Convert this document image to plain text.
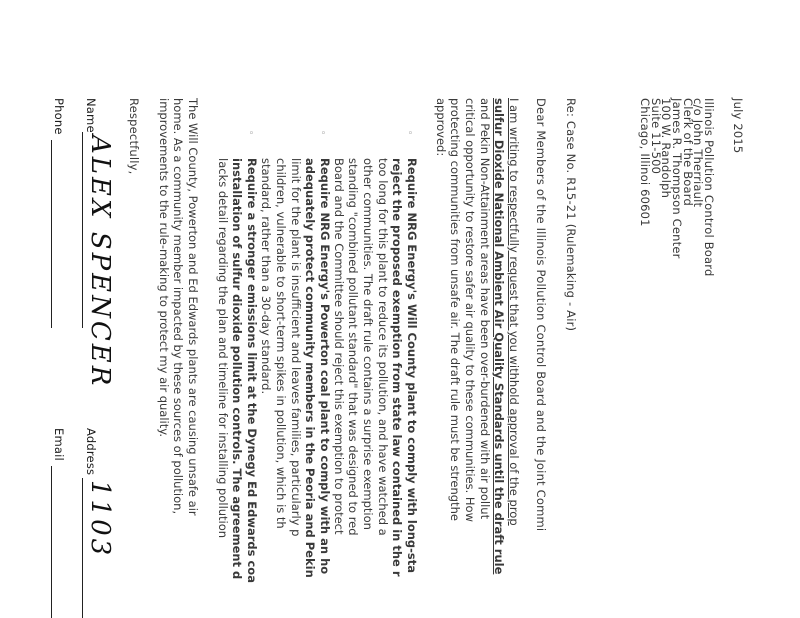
July 2015
Illinois Pollution Control Board
c/o John Therriault
Clerk of the Board
James R. Thompson Center
100 W. Randolph
Suite 11-500
Chicago, Illinoi 60601
Re: Case No. R15-21 (Rulemaking - Air)
Dear Members of the Illinois Pollution Control Board and the Joint Commi
I am writing to respectfully request that you withhold approval of the prop
sulfur Dioxide National Ambient Air Quality Standards until the draft rule
and Pekin Non-Attainment areas have been over-burdened with air pollut
critical opportunity to restore safer air quality to these communities. How
protecting communities from unsafe air. The draft rule must be strengthe
approved:
◦
Require NRG Energy's Will County plant to comply with long-sta
reject the proposed exemption from state law contained in the r
too long for this plant to reduce its pollution, and have watched a
other communities. The draft rule contains a surprise exemption
standing "combined pollutant standard" that was designed to red
Board and the Committee should reject this exemption to protect
◦
Require NRG Energy's Powerton coal plant to comply with an ho
adequately protect community members in the Peoria and Pekin
limit for the plant is insufficient and leaves families, particularly p
children, vulnerable to short-term spikes in pollution, which is th
standard, rather than a 30-day standard.
◦
Require a stronger emissions limit at the Dynegy Ed Edwards coa
installation of sulfur dioxide pollution controls. The agreement d
lacks detail regarding the plan and timeline for installing pollution
The Will County, Powerton and Ed Edwards plants are causing unsafe air
home. As a community member impacted by these sources of pollution,
improvements to the rule-making to protect my air quality.
Respectfully,
Name
ALEX SPENCER
Address
1103
Phone
Email
